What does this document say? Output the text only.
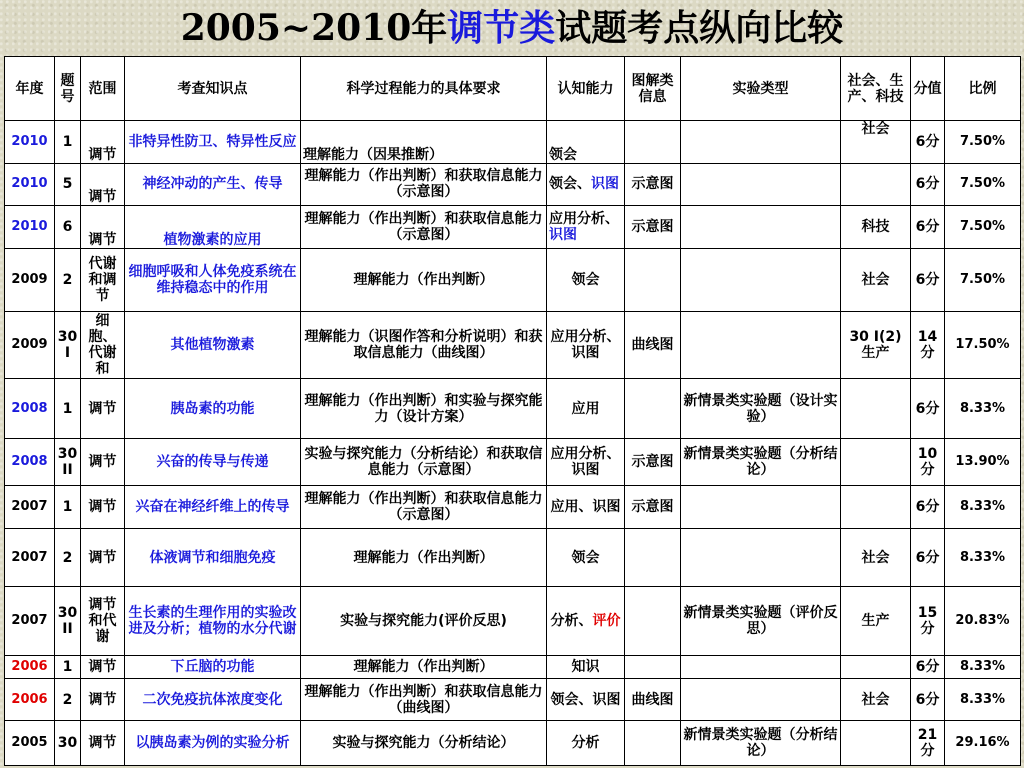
2005~2010年调节类试题考点纵向比较
年度	题号	范围	考查知识点	科学过程能力的具体要求	认知能力	图解类信息	实验类型	社会、生产、科技	分值	比例
2010	1	调节	非特异性防卫、特异性反应	理解能力（因果推断）	领会			社会	6分	7.50%
2010	5	调节	神经冲动的产生、传导	理解能力（作出判断）和获取信息能力（示意图）	领会、识图	示意图			6分	7.50%
2010	6	调节	植物激素的应用	理解能力（作出判断）和获取信息能力（示意图）	应用分析、识图	示意图		科技	6分	7.50%
2009	2	代谢和调节	细胞呼吸和人体免疫系统在维持稳态中的作用	理解能力（作出判断）	领会			社会	6分	7.50%
2009	30 I	细胞、代谢和	其他植物激素	理解能力（识图作答和分析说明）和获取信息能力（曲线图）	应用分析、识图	曲线图		30 I(2)生产	14分	17.50%
2008	1	调节	胰岛素的功能	理解能力（作出判断）和实验与探究能力（设计方案）	应用		新情景类实验题（设计实验）		6分	8.33%
2008	30 II	调节	兴奋的传导与传递	实验与探究能力（分析结论）和获取信息能力（示意图）	应用分析、识图	示意图	新情景类实验题（分析结论）		10分	13.90%
2007	1	调节	兴奋在神经纤维上的传导	理解能力（作出判断）和获取信息能力（示意图）	应用、识图	示意图			6分	8.33%
2007	2	调节	体液调节和细胞免疫	理解能力（作出判断）	领会			社会	6分	8.33%
2007	30 II	调节和代谢	生长素的生理作用的实验改进及分析；植物的水分代谢	实验与探究能力(评价反思)	分析、评价		新情景类实验题（评价反思）	生产	15分	20.83%
2006	1	调节	下丘脑的功能	理解能力（作出判断）	知识				6分	8.33%
2006	2	调节	二次免疫抗体浓度变化	理解能力（作出判断）和获取信息能力（曲线图）	领会、识图	曲线图		社会	6分	8.33%
2005	30	调节	以胰岛素为例的实验分析	实验与探究能力（分析结论）	分析		新情景类实验题（分析结论）		21分	29.16%
